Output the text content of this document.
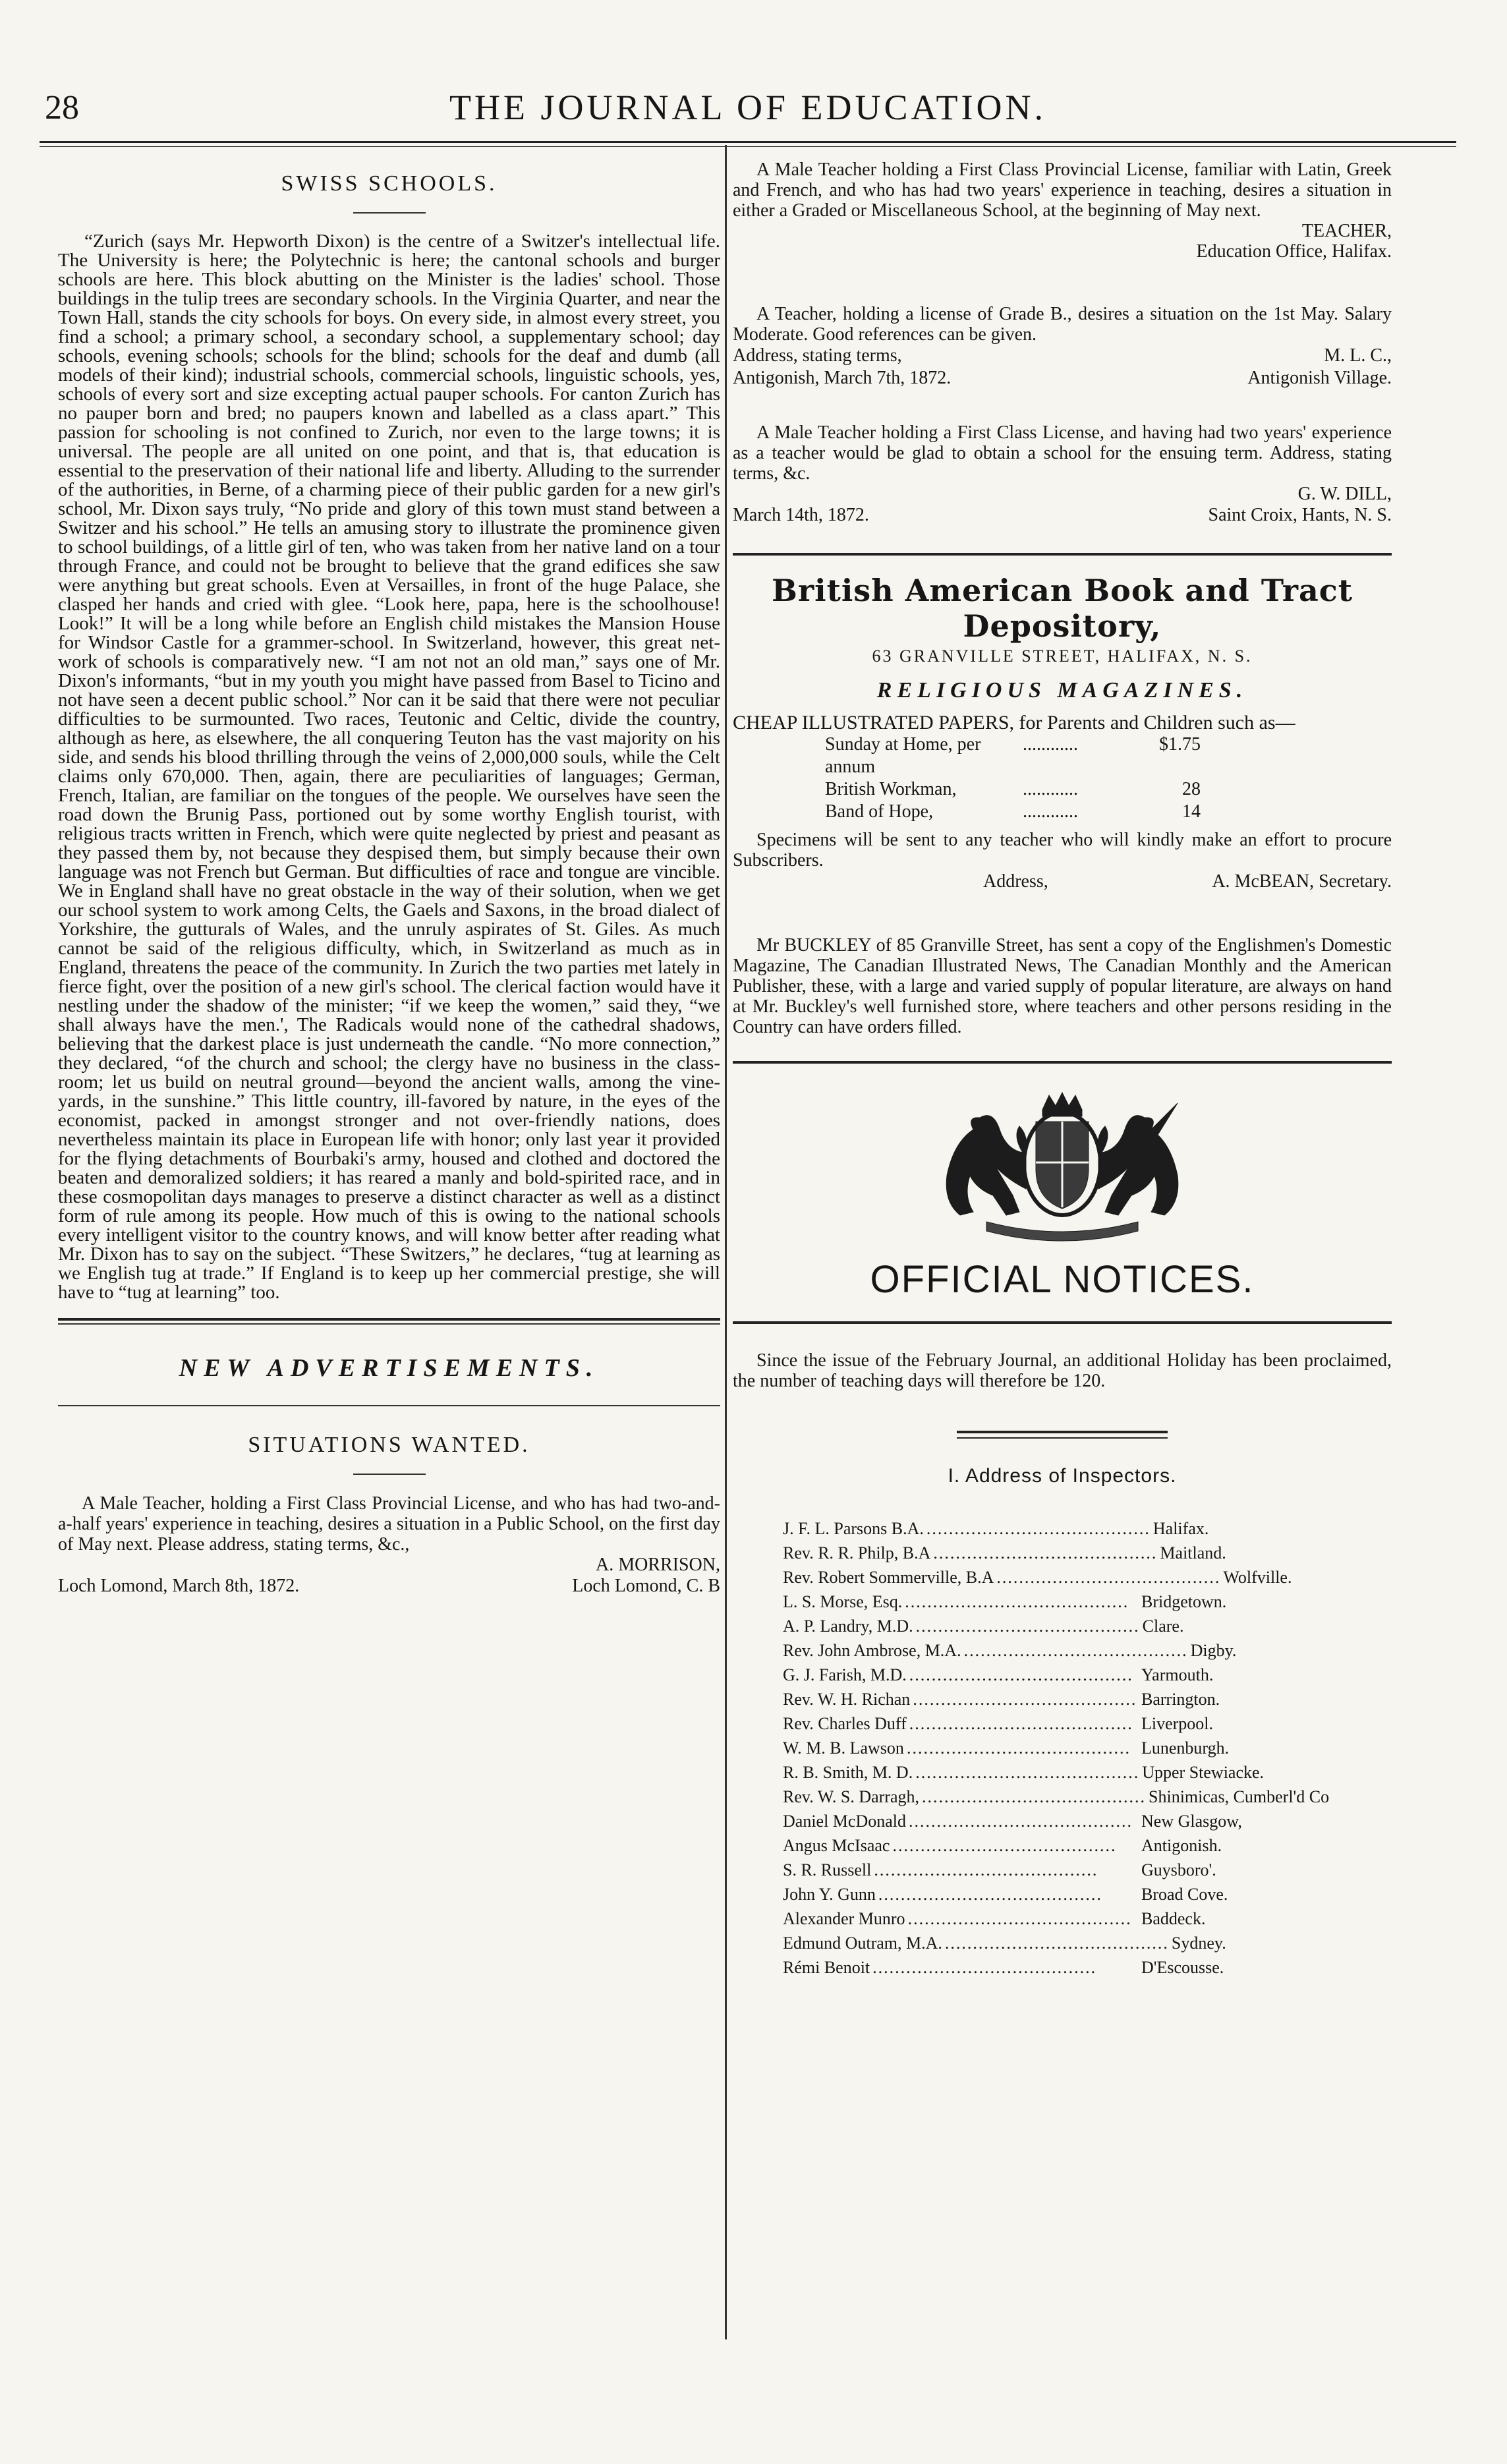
28	THE JOURNAL OF EDUCATION.
SWISS SCHOOLS.

“Zurich (says Mr. Hepworth Dixon) is the centre of a Switzer's intellectual life. The University is here; the Polytechnic is here; the cantonal schools and burger schools are here. This block abutting on the Minister is the ladies' school. Those buildings in the tulip trees are secondary schools. In the Virginia Quarter, and near the Town Hall, stands the city schools for boys. On every side, in almost every street, you find a school; a primary school, a secondary school, a supplementary school; day schools, evening schools; schools for the blind; schools for the deaf and dumb (all models of their kind); industrial schools, commercial schools, linguistic schools, yes, schools of every sort and size excepting actual pauper schools. For canton Zurich has no pauper born and bred; no paupers known and labelled as a class apart.” This passion for schooling is not confined to Zurich, nor even to the large towns; it is universal. The people are all united on one point, and that is, that education is essential to the preservation of their national life and liberty. Alluding to the surrender of the authorities, in Berne, of a charming piece of their public garden for a new girl's school, Mr. Dixon says truly, “No pride and glory of this town must stand between a Switzer and his school.” He tells an amusing story to illustrate the prominence given to school buildings, of a little girl of ten, who was taken from her native land on a tour through France, and could not be brought to believe that the grand edifices she saw were anything but great schools. Even at Versailles, in front of the huge Palace, she clasped her hands and cried with glee. “Look here, papa, here is the schoolhouse! Look!” It will be a long while before an English child mistakes the Mansion House for Windsor Castle for a grammer-school. In Switzerland, however, this great net-work of schools is comparatively new. “I am not not an old man,” says one of Mr. Dixon's informants, “but in my youth you might have passed from Basel to Ticino and not have seen a decent public school.” Nor can it be said that there were not peculiar difficulties to be surmounted. Two races, Teutonic and Celtic, divide the country, although as here, as elsewhere, the all conquering Teuton has the vast majority on his side, and sends his blood thrilling through the veins of 2,000,000 souls, while the Celt claims only 670,000. Then, again, there are peculiarities of languages; German, French, Italian, are familiar on the tongues of the people. We ourselves have seen the road down the Brunig Pass, portioned out by some worthy English tourist, with religious tracts written in French, which were quite neglected by priest and peasant as they passed them by, not because they despised them, but simply because their own language was not French but German. But difficulties of race and tongue are vincible. We in England shall have no great obstacle in the way of their solution, when we get our school system to work among Celts, the Gaels and Saxons, in the broad dialect of Yorkshire, the gutturals of Wales, and the unruly aspirates of St. Giles. As much cannot be said of the religious difficulty, which, in Switzerland as much as in England, threatens the peace of the community. In Zurich the two parties met lately in fierce fight, over the position of a new girl's school. The clerical faction would have it nestling under the shadow of the minister; “if we keep the women,” said they, “we shall always have the men.', The Radicals would none of the cathedral shadows, believing that the darkest place is just underneath the candle. “No more connection,” they declared, “of the church and school; the clergy have no business in the class-room; let us build on neutral ground—beyond the ancient walls, among the vine-yards, in the sunshine.” This little country, ill-favored by nature, in the eyes of the economist, packed in amongst stronger and not over-friendly nations, does nevertheless maintain its place in European life with honor; only last year it provided for the flying detachments of Bourbaki's army, housed and clothed and doctored the beaten and demoralized soldiers; it has reared a manly and bold-spirited race, and in these cosmopolitan days manages to preserve a distinct character as well as a distinct form of rule among its people. How much of this is owing to the national schools every intelligent visitor to the country knows, and will know better after reading what Mr. Dixon has to say on the subject. “These Switzers,” he declares, “tug at learning as we English tug at trade.” If England is to keep up her commercial prestige, she will have to “tug at learning” too.

NEW ADVERTISEMENTS.
SITUATIONS WANTED.

A Male Teacher, holding a First Class Provincial License, and who has had two-and-a-half years' experience in teaching, desires a situation in a Public School, on the first day of May next. Please address, stating terms, &c.,

A. MORRISON,
Loch Lomond, March 8th, 1872.	Loch Lomond, C. B

A Male Teacher holding a First Class Provincial License, familiar with Latin, Greek and French, and who has had two years' experience in teaching, desires a situation in either a Graded or Miscellaneous School, at the beginning of May next.

TEACHER,
Education Office, Halifax.

A Teacher, holding a license of Grade B., desires a situation on the 1st May. Salary Moderate. Good references can be given.

Address, stating terms,	M. L. C.,
Antigonish, March 7th, 1872.	Antigonish Village.

A Male Teacher holding a First Class License, and having had two years' experience as a teacher would be glad to obtain a school for the ensuing term. Address, stating terms, &c.

G. W. DILL,
March 14th, 1872.	Saint Croix, Hants, N. S.
British American Book and Tract Depository,
63 GRANVILLE STREET, HALIFAX, N. S.
RELIGIOUS MAGAZINES.
CHEAP ILLUSTRATED PAPERS, for Parents and Children such as—
Sunday at Home, per annum
............	$1.75
British Workman,	............	28
Band of Hope,	............	14

Specimens will be sent to any teacher who will kindly make an effort to procure Subscribers.

Address,	A. McBEAN, Secretary.

Mr BUCKLEY of 85 Granville Street, has sent a copy of the Englishmen's Domestic Magazine, The Canadian Illustrated News, The Canadian Monthly and the American Publisher, these, with a large and varied supply of popular literature, are always on hand at Mr. Buckley's well furnished store, where teachers and other persons residing in the Country can have orders filled.

OFFICIAL NOTICES.

Since the issue of the February Journal, an additional Holiday has been proclaimed, the number of teaching days will therefore be 120.

I. Address of Inspectors.
J. F. L. Parsons B.A. ........................................ Halifax.
Rev. R. R. Philp, B.A ........................................ Maitland.
Rev. Robert Sommerville, B.A ........................................ Wolfville.
L. S. Morse, Esq. ........................................ Bridgetown.
A. P. Landry, M.D. ........................................ Clare.
Rev. John Ambrose, M.A. ........................................ Digby.
G. J. Farish, M.D. ........................................ Yarmouth.
Rev. W. H. Richan ........................................ Barrington.
Rev. Charles Duff ........................................ Liverpool.
W. M. B. Lawson ........................................ Lunenburgh.
R. B. Smith, M. D. ........................................ Upper Stewiacke.
Rev. W. S. Darragh, ........................................ Shinimicas, Cumberl'd Co
Daniel McDonald ........................................ New Glasgow,
Angus McIsaac ........................................	Antigonish.
S. R. Russell ........................................	Guysboro'.
John Y. Gunn ........................................	Broad Cove.
Alexander Munro ........................................ Baddeck.
Edmund Outram, M.A. ........................................ Sydney.
Rémi Benoit ........................................	D'Escousse.
